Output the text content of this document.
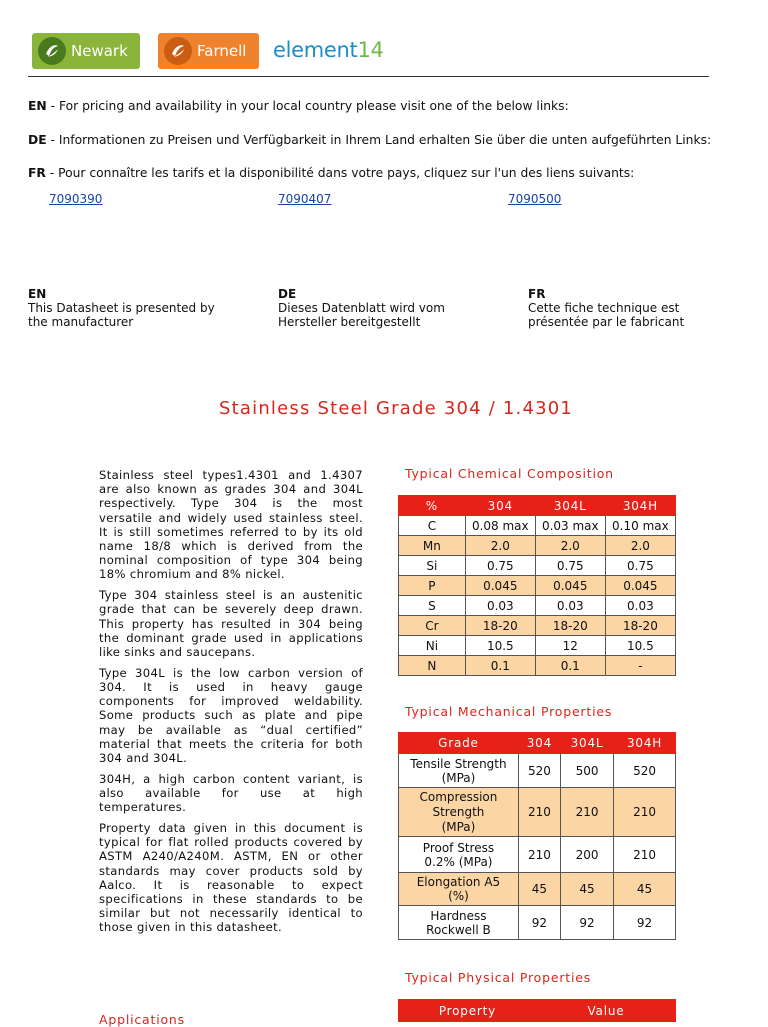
Newark	Farnell element14
EN - For pricing and availability in your local country please visit one of the below links:
DE - Informationen zu Preisen und Verfügbarkeit in Ihrem Land erhalten Sie über die unten aufgeführten Links:
FR - Pour connaître les tarifs et la disponibilité dans votre pays, cliquez sur l'un des liens suivants:
7090390	7090407	7090500
EN
This Datasheet is presented by
the manufacturer
DE
Dieses Datenblatt wird vom
Hersteller bereitgestellt
FR
Cette fiche technique est
présentée par le fabricant
Stainless Steel Grade 304 / 1.4301

Stainless steel types1.4301 and 1.4307 are also known as grades 304 and 304L respectively. Type 304 is the most versatile and widely used stainless steel. It is still sometimes referred to by its old name 18/8 which is derived from the nominal composition of type 304 being 18% chromium and 8% nickel.

Type 304 stainless steel is an austenitic grade that can be severely deep drawn. This property has resulted in 304 being the dominant grade used in applications like sinks and saucepans.

Type 304L is the low carbon version of 304. It is used in heavy gauge components for improved weldability. Some products such as plate and pipe may be available as “dual certified” material that meets the criteria for both 304 and 304L.

304H, a high carbon content variant, is also available for use at high temperatures.

Property data given in this document is typical for flat rolled products covered by ASTM A240/A240M. ASTM, EN or other standards may cover products sold by Aalco. It is reasonable to expect specifications in these standards to be similar but not necessarily identical to those given in this datasheet.

Typical Chemical Composition
%	304	304L	304H
C	0.08 max	0.03 max	0.10 max
Mn	2.0	2.0	2.0
Si	0.75	0.75	0.75
P	0.045	0.045	0.045
S	0.03	0.03	0.03
Cr	18-20	18-20	18-20
Ni	10.5	12	10.5
N	0.1	0.1	-
Typical Mechanical Properties
Grade	304	304L	304H
Tensile Strength (MPa)	520	500	520
Compression Strength (MPa)	210	210	210
Proof Stress 0.2% (MPa)	210	200	210
Elongation A5 (%)	45	45	45
Hardness Rockwell B	92	92	92
Typical Physical Properties
Property	Value
Applications
